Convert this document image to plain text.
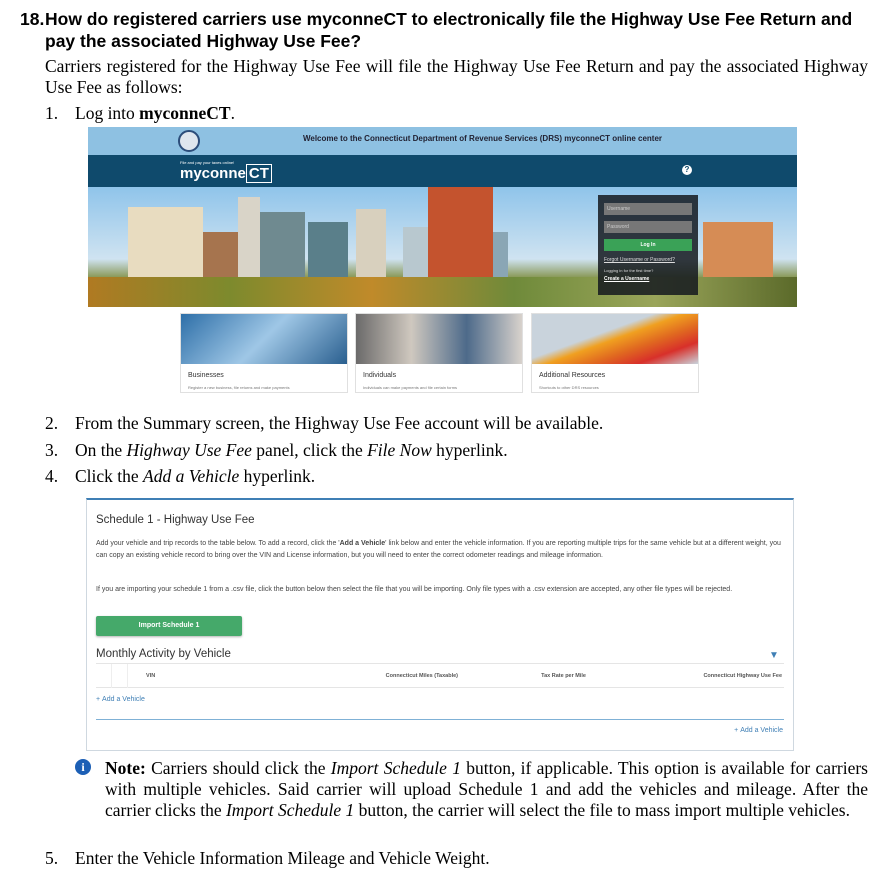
18. How do registered carriers use myconneCT to electronically file the Highway Use Fee Return and pay the associated Highway Use Fee?

Carriers registered for the Highway Use Fee will file the Highway Use Fee Return and pay the associated Highway Use Fee as follows:

1. Log into myconneCT.
Welcome to the Connecticut Department of Revenue Services (DRS) myconneCT online center
File and pay your taxes online!
myconne CT	?
Username
Password
Log In
Forgot Username or Password?
Logging in for the first time?
Create a Username
Businesses
Register a new business, file returns and make payments
Individuals
Individuals can make payments and file certain forms
Additional Resources
Shortcuts to other DRS resources
2. From the Summary screen, the Highway Use Fee account will be available.
3. On the Highway Use Fee panel, click the File Now hyperlink.
4. Click the Add a Vehicle hyperlink.
Schedule 1 - Highway Use Fee

Add your vehicle and trip records to the table below. To add a record, click the 'Add a Vehicle' link below and enter the vehicle information. If you are reporting multiple trips for the same vehicle but at a different weight, you can copy an existing vehicle record to bring over the VIN and License information, but you will need to enter the correct odometer readings and mileage information.

If you are importing your schedule 1 from a .csv file, click the button below then select the file that you will be importing. Only file types with a .csv extension are accepted, any other file types will be rejected.

Import Schedule 1
Monthly Activity by Vehicle	▼
VIN	Connecticut Miles (Taxable)	Tax Rate per Mile	Connecticut Highway Use Fee
+ Add a Vehicle
+ Add a Vehicle
i	Note: Carriers should click the Import Schedule 1 button, if applicable. This option is available for carriers with multiple vehicles. Said carrier will upload Schedule 1 and add the vehicles and mileage. After the carrier clicks the Import Schedule 1 button, the carrier will select the file to mass import multiple vehicles.

5. Enter the Vehicle Information Mileage and Vehicle Weight.
